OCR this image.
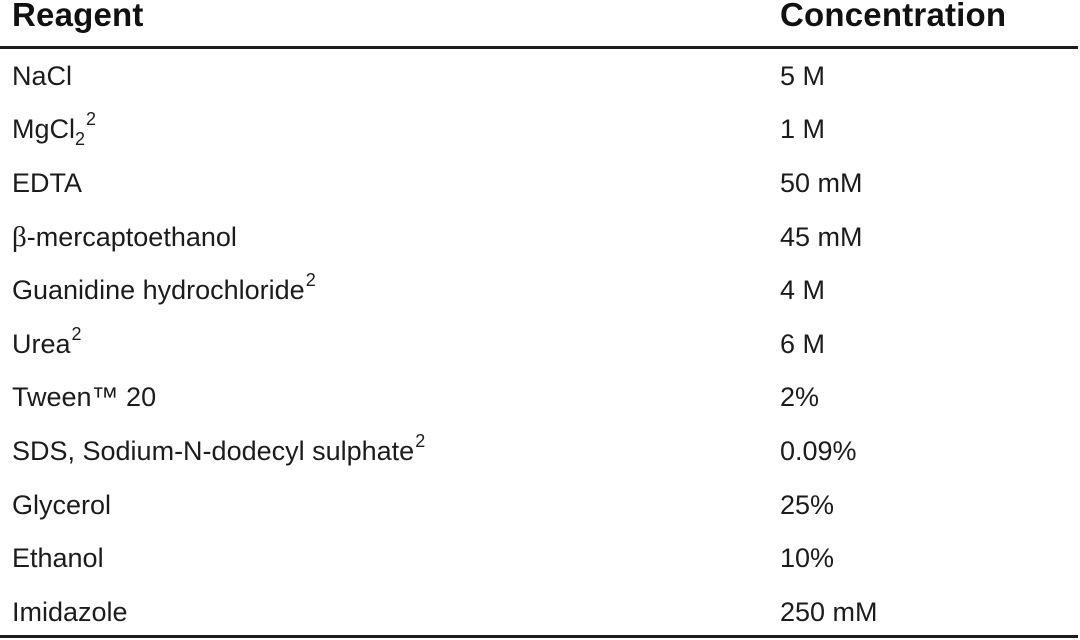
Reagent	Concentration
NaCl	5 M
MgCl$_2^2$	1 M
EDTA	50 mM
β-mercaptoethanol	45 mM
Guanidine hydrochloride$^2$	4 M
Urea$^2$	6 M
Tween™ 20	2%
SDS, Sodium-N-dodecyl sulphate$^2$	0.09%
Glycerol	25%
Ethanol	10%
Imidazole	250 mM
